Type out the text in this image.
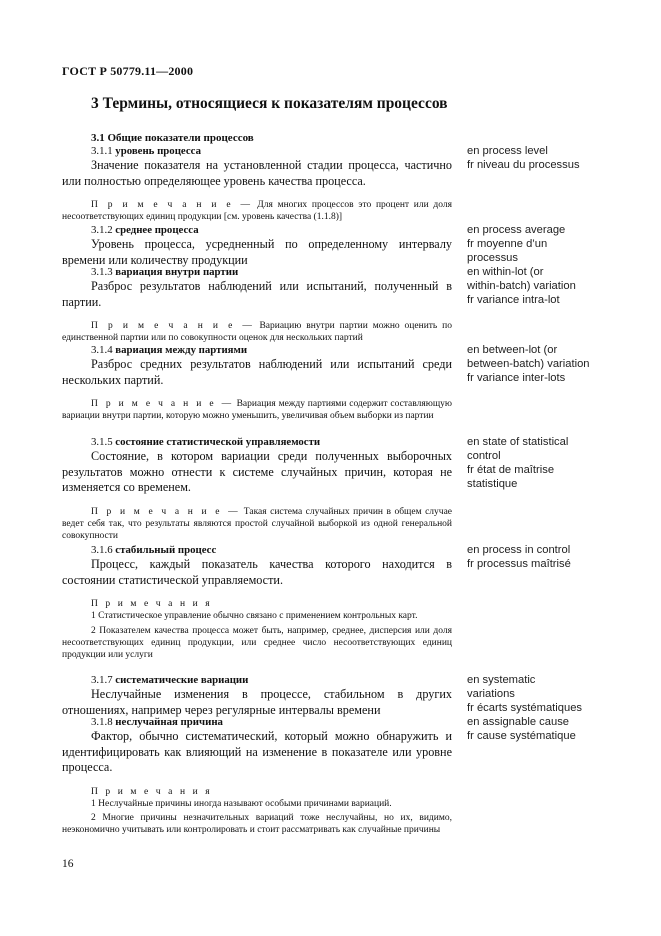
ГОСТ Р 50779.11—2000
3 Термины, относящиеся к показателям процессов
3.1 Общие показатели процессов
3.1.1 уровень процесса

Значение показателя на установленной стадии процесса, частично или полностью определяющее уровень качества процесса.

П р и м е ч а н и е — Для многих процессов это процент или доля несоответствующих единиц продукции [см. уровень качества (1.1.8)]

en process level
fr niveau du processus
3.1.2 среднее процесса

Уровень процесса, усредненный по определенному интервалу времени или количеству продукции

en process average
fr moyenne d’un
processus
3.1.3 вариация внутри партии

Разброс результатов наблюдений или испытаний, полученный в партии.

П р и м е ч а н и е — Вариацию внутри партии можно оценить по единственной партии или по совокупности оценок для нескольких партий

en within-lot (or
within-batch) variation
fr variance intra-lot
3.1.4 вариация между партиями

Разброс средних результатов наблюдений или испытаний среди нескольких партий.

П р и м е ч а н и е — Вариация между партиями содержит составляющую вариации внутри партии, которую можно уменьшить, увеличивая объем выборки из партии

en between-lot (or
between-batch) variation
fr variance inter-lots
3.1.5 состояние статистической управляемости

Состояние, в котором вариации среди полученных выборочных результатов можно отнести к системе случайных причин, которая не изменяется со временем.

П р и м е ч а н и е — Такая система случайных причин в общем случае ведет себя так, что результаты являются простой случайной выборкой из одной генеральной совокупности

en state of statistical
control
fr état de maîtrise
statistique
3.1.6 стабильный процесс

Процесс, каждый показатель качества которого находится в состоянии статистической управляемости.

П р и м е ч а н и я

1 Статистическое управление обычно связано с применением контрольных карт.

2 Показателем качества процесса может быть, например, среднее, дисперсия или доля несоответствующих единиц продукции, или среднее число несоответствующих единиц продукции или услуги

en process in control
fr processus maîtrisé
3.1.7 систематические вариации

Неслучайные изменения в процессе, стабильном в других отношениях, например через регулярные интервалы времени

en systematic
variations
fr écarts systématiques
3.1.8 неслучайная причина

Фактор, обычно систематический, который можно обнаружить и идентифицировать как влияющий на изменение в показателе или уровне процесса.

П р и м е ч а н и я

1 Неслучайные причины иногда называют особыми причинами вариаций.

2 Многие причины незначительных вариаций тоже неслучайны, но их, видимо, неэкономично учитывать или контролировать и стоит рассматривать как случайные причины

en assignable cause
fr cause systématique
16
